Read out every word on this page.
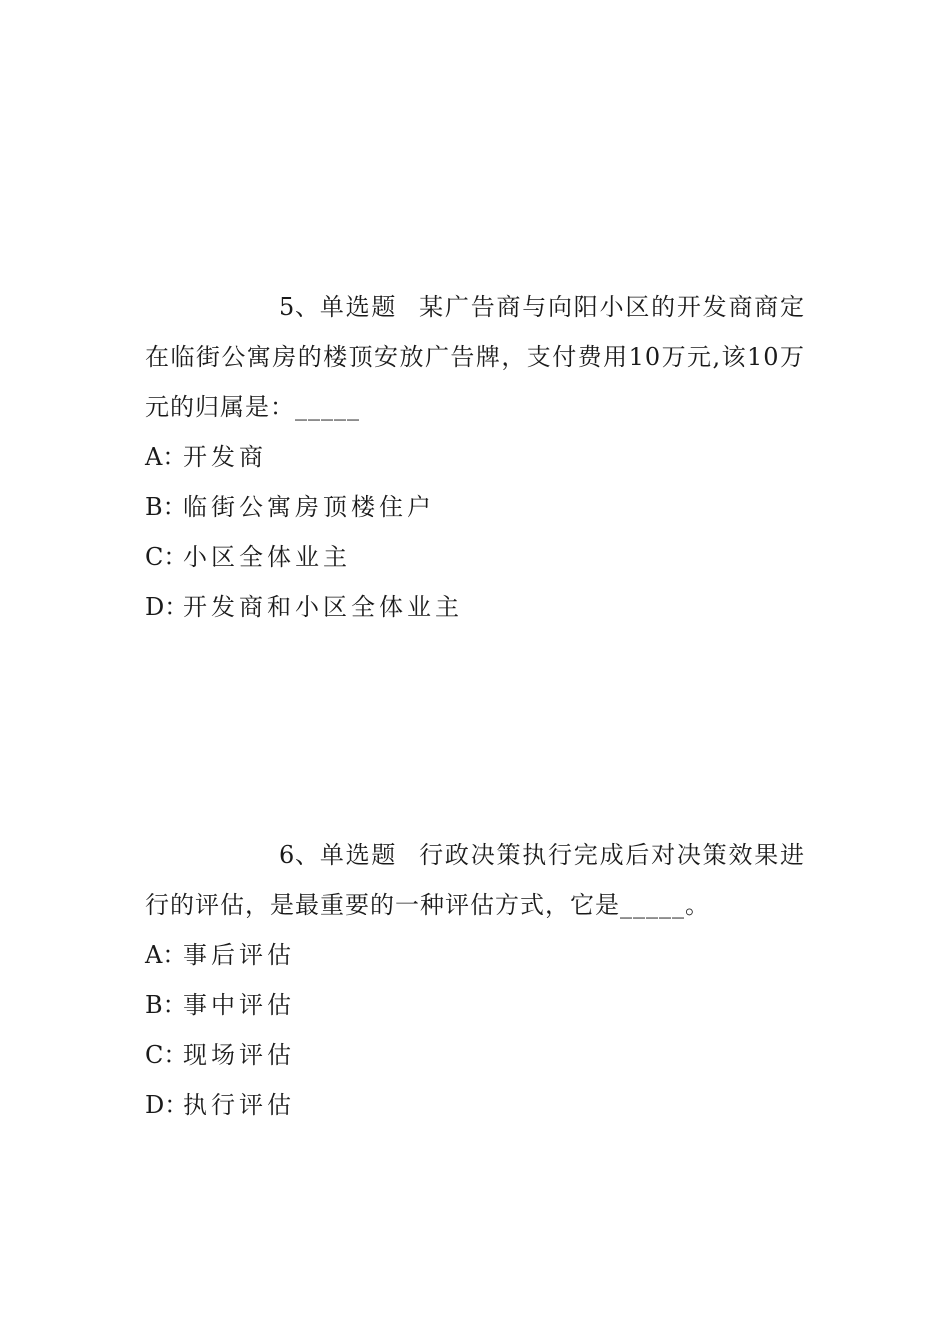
5、单选题 某广告商与向阳小区的开发商商定在临街公寓房的楼顶安放广告牌，支付费用10万元,该10万元的归属是：_____

A：开发商
B：临街公寓房顶楼住户
C：小区全体业主
D：开发商和小区全体业主

6、单选题 行政决策执行完成后对决策效果进行的评估，是最重要的一种评估方式，它是_____。

A：事后评估
B：事中评估
C：现场评估
D：执行评估
